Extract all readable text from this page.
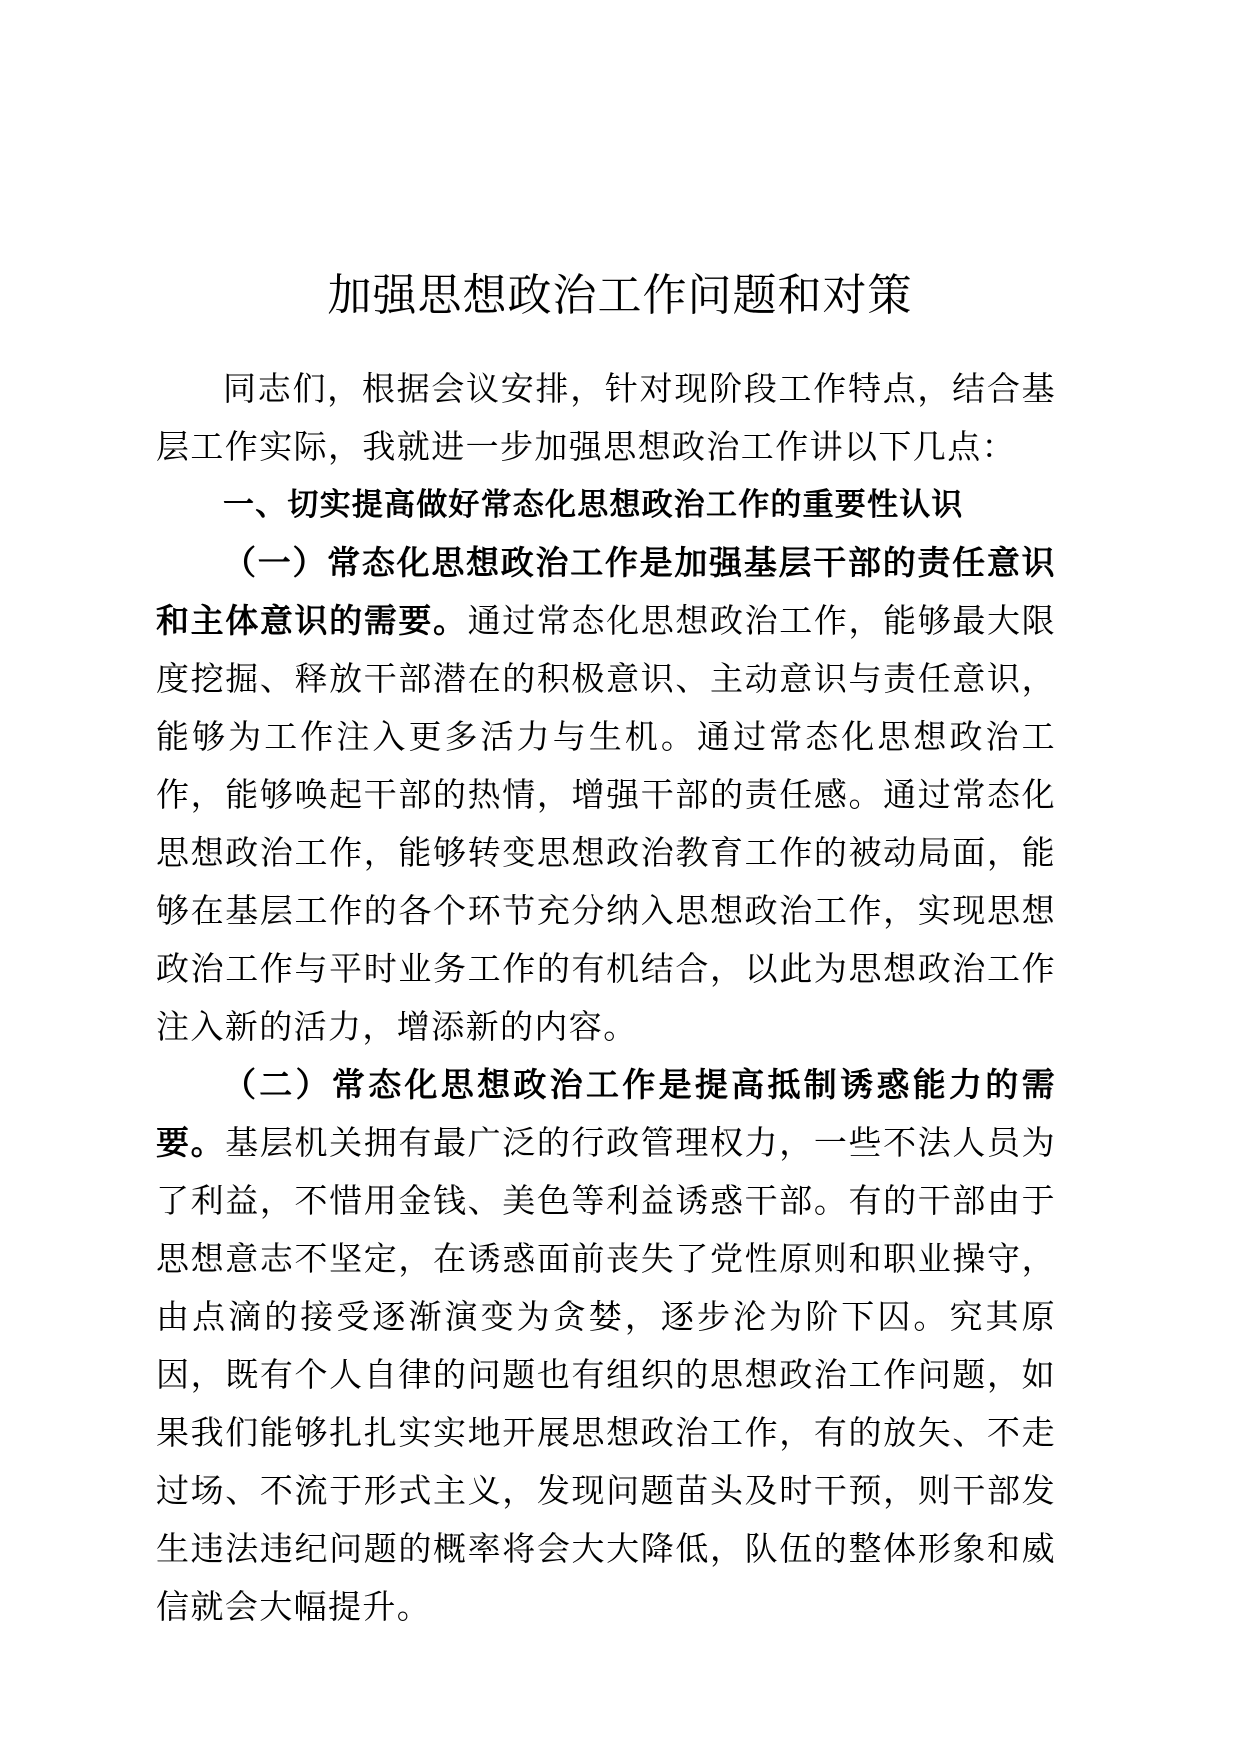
加强思想政治工作问题和对策

同志们，根据会议安排，针对现阶段工作特点，结合基层工作实际，我就进一步加强思想政治工作讲以下几点：

一、切实提高做好常态化思想政治工作的重要性认识

（一）常态化思想政治工作是加强基层干部的责任意识和主体意识的需要。通过常态化思想政治工作，能够最大限度挖掘、释放干部潜在的积极意识、主动意识与责任意识，能够为工作注入更多活力与生机。通过常态化思想政治工作，能够唤起干部的热情，增强干部的责任感。通过常态化思想政治工作，能够转变思想政治教育工作的被动局面，能够在基层工作的各个环节充分纳入思想政治工作，实现思想政治工作与平时业务工作的有机结合，以此为思想政治工作注入新的活力，增添新的内容。

（二）常态化思想政治工作是提高抵制诱惑能力的需要。基层机关拥有最广泛的行政管理权力，一些不法人员为了利益，不惜用金钱、美色等利益诱惑干部。有的干部由于思想意志不坚定，在诱惑面前丧失了党性原则和职业操守，由点滴的接受逐渐演变为贪婪，逐步沦为阶下囚。究其原因，既有个人自律的问题也有组织的思想政治工作问题，如果我们能够扎扎实实地开展思想政治工作，有的放矢、不走过场、不流于形式主义，发现问题苗头及时干预，则干部发生违法违纪问题的概率将会大大降低，队伍的整体形象和威信就会大幅提升。
